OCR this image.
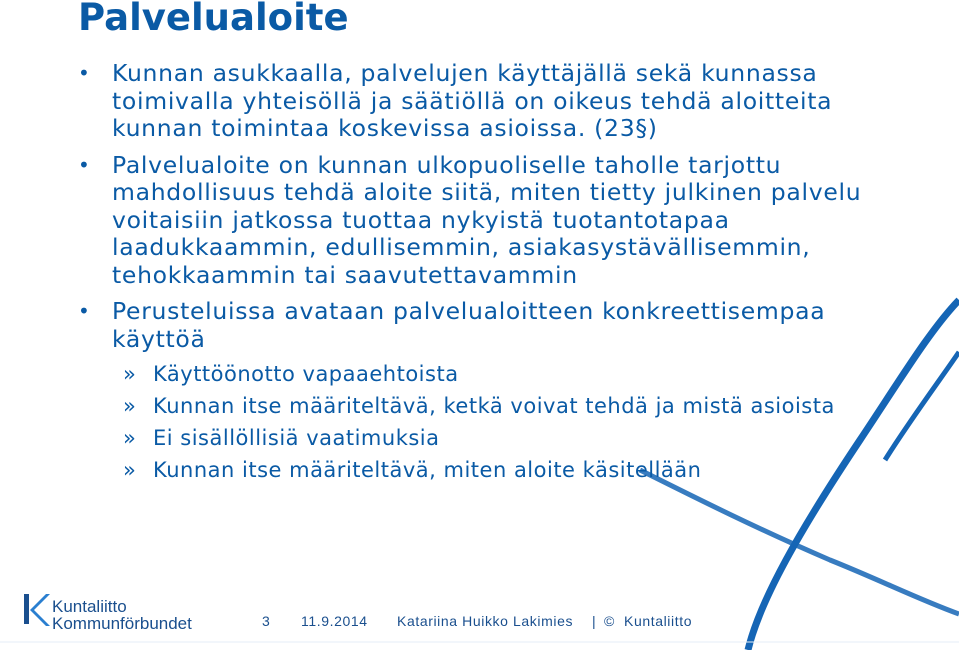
Palvelualoite
• Kunnan asukkaalla, palvelujen käyttäjällä sekä kunnassa toimivalla yhteisöllä ja säätiöllä on oikeus tehdä aloitteita kunnan toimintaa koskevissa asioissa. (23§)
• Palvelualoite on kunnan ulkopuoliselle taholle tarjottu mahdollisuus tehdä aloite siitä, miten tietty julkinen palvelu voitaisiin jatkossa tuottaa nykyistä tuotantotapaa laadukkaammin, edullisemmin, asiakasystävällisemmin, tehokkaammin tai saavutettavammin
• Perusteluissa avataan palvelualoitteen konkreettisempaa käyttöä
» Käyttöönotto vapaaehtoista
» Kunnan itse määriteltävä, ketkä voivat tehdä ja mistä asioista
» Ei sisällöllisiä vaatimuksia
» Kunnan itse määriteltävä, miten aloite käsitellään
Kuntaliitto
Kommunförbundet	3 11.9.2014 Katariina Huikko Lakimies | © Kuntaliitto
